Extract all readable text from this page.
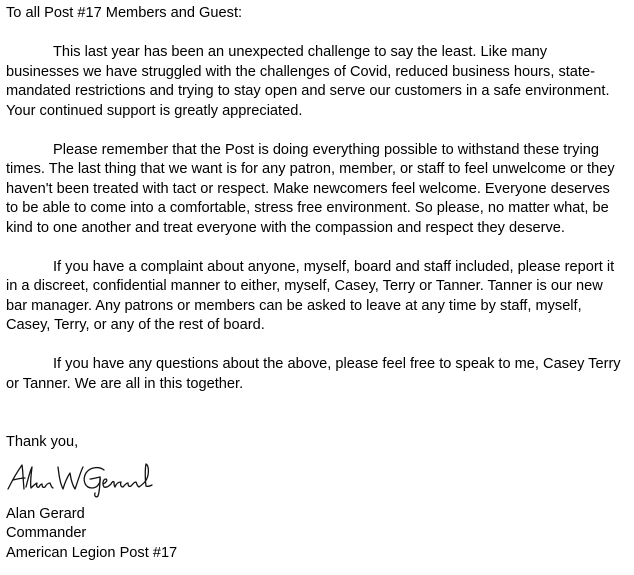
To all Post #17 Members and Guest:
This last year has been an unexpected challenge to say the least. Like many
businesses we have struggled with the challenges of Covid, reduced business hours, state-
mandated restrictions and trying to stay open and serve our customers in a safe environment.
Your continued support is greatly appreciated.
Please remember that the Post is doing everything possible to withstand these trying
times. The last thing that we want is for any patron, member, or staff to feel unwelcome or they
haven't been treated with tact or respect. Make newcomers feel welcome. Everyone deserves
to be able to come into a comfortable, stress free environment. So please, no matter what, be
kind to one another and treat everyone with the compassion and respect they deserve.
If you have a complaint about anyone, myself, board and staff included, please report it
in a discreet, confidential manner to either, myself, Casey, Terry or Tanner. Tanner is our new
bar manager. Any patrons or members can be asked to leave at any time by staff, myself,
Casey, Terry, or any of the rest of board.
If you have any questions about the above, please feel free to speak to me, Casey Terry
or Tanner. We are all in this together.
Thank you,
Alan Gerard
Commander
American Legion Post #17
